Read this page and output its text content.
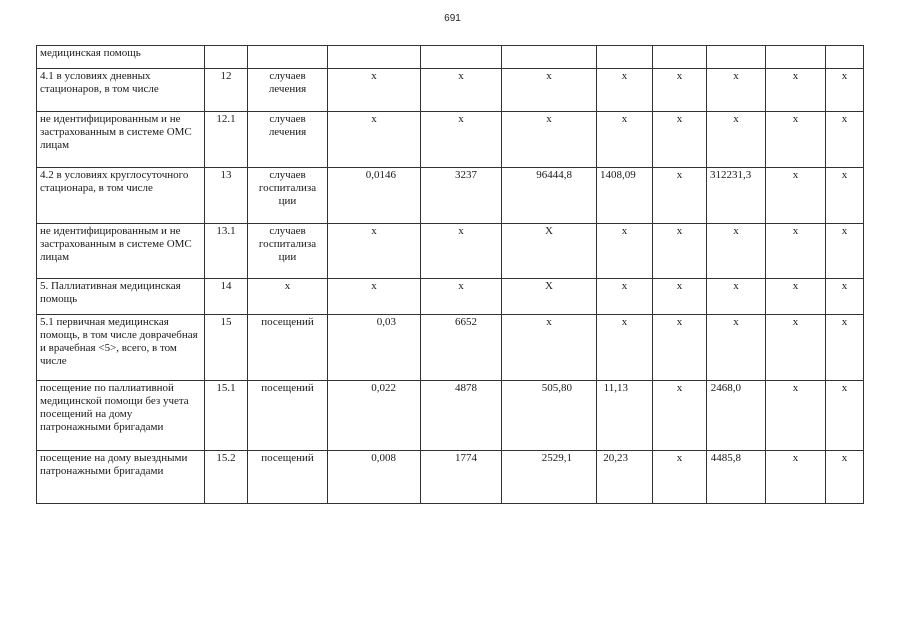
691
медицинская помощь										
4.1 в условиях дневных стационаров, в том числе	12	случаев лечения	х	х	х	х	х	х	х	х
не идентифицированным и не застрахованным в системе ОМС лицам	12.1	случаев лечения	х	х	х	х	х	х	х	х
4.2 в условиях круглосуточного стационара, в том числе	13	случаев госпитализа ции	0,0146	3237	96444,8	1408,09	х	312231,3	х	х
не идентифицированным и не застрахованным в системе ОМС лицам	13.1	случаев госпитализа ции	х	х	Х	х	х	х	х	х
5. Паллиативная медицинская помощь	14	х	х	х	Х	х	х	х	х	х
5.1 первичная медицинская помощь, в том числе доврачебная и врачебная <5>, всего, в том числе	15	посещений	0,03	6652	х	х	х	х	х	х
посещение по паллиативной медицинской помощи без учета посещений на дому патронажными бригадами	15.1	посещений	0,022	4878	505,80	11,13	х	2468,0	х	х
посещение на дому выездными патронажными бригадами	15.2	посещений	0,008	1774	2529,1	20,23	х	4485,8	х	х
